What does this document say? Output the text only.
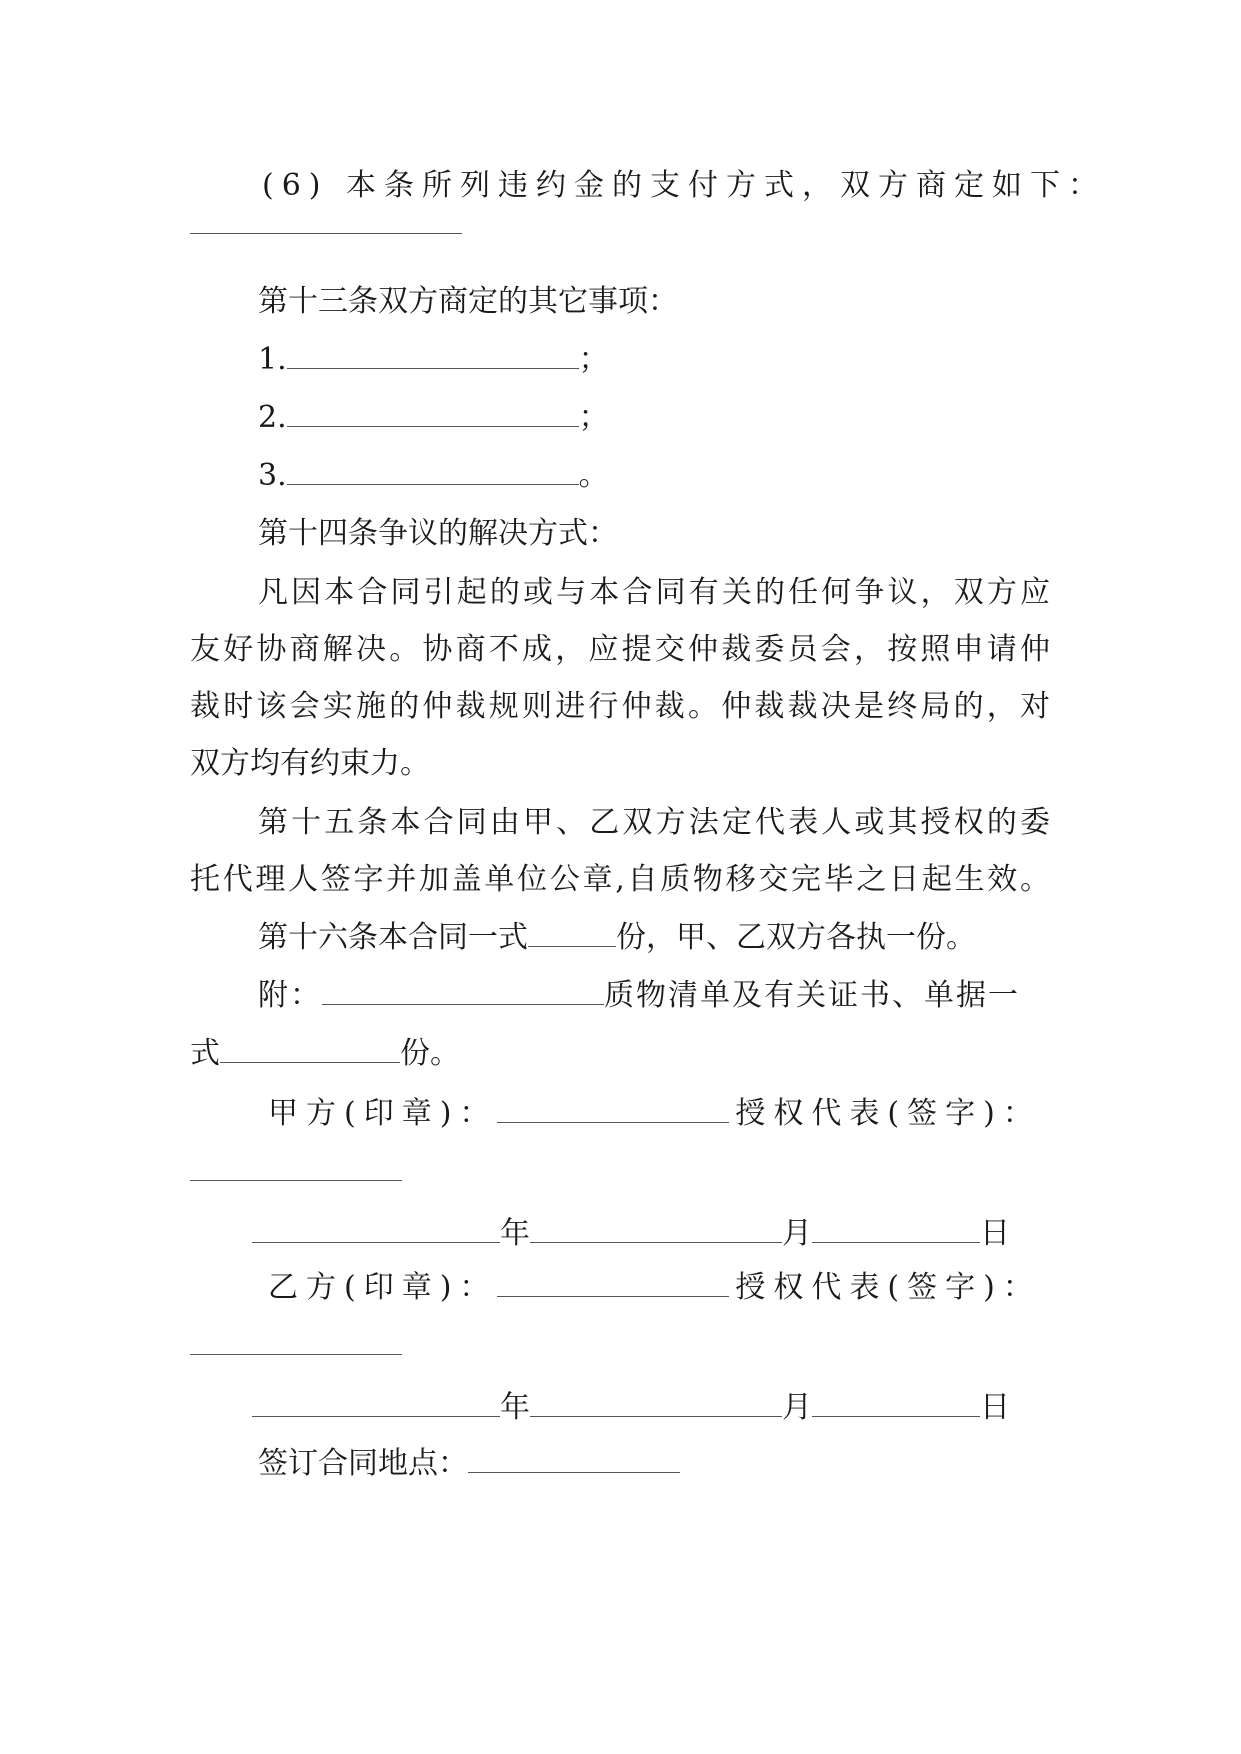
(6) 本条所列违约金的支付方式，双方商定如下：
第十三条双方商定的其它事项：
1.	；
2.	；
3.	。
第十四条争议的解决方式：
凡因本合同引起的或与本合同有关的任何争议，双方应
友好协商解决。协商不成，应提交仲裁委员会，按照申请仲
裁时该会实施的仲裁规则进行仲裁。仲裁裁决是终局的，对
双方均有约束力。
第十五条本合同由甲、乙双方法定代表人或其授权的委
托代理人签字并加盖单位公章,自质物移交完毕之日起生效。
第十六条本合同一式	份，甲、乙双方各执一份。
附：	质物清单及有关证书、单据一
式	份。
甲方(印章)：	授权代表(签字)：
年	月	日
乙方(印章)：	授权代表(签字)：
年	月	日
签订合同地点：
